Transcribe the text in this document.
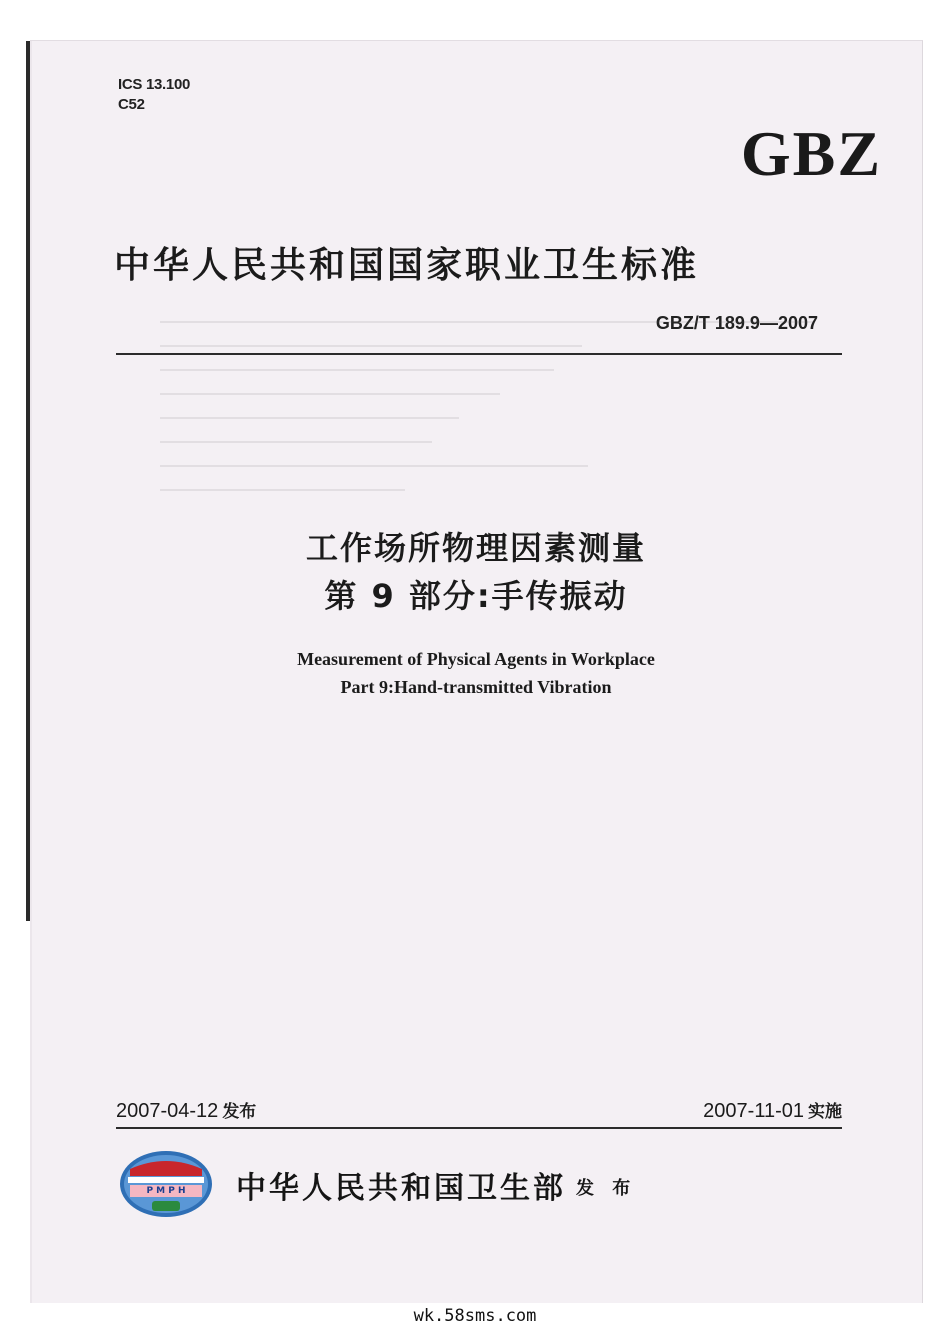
ICS 13.100
C52
GBZ
中华人民共和国国家职业卫生标准
GBZ/T 189.9—2007
工作场所物理因素测量
第 9 部分:手传振动
Measurement of Physical Agents in Workplace
Part 9:Hand-transmitted Vibration
2007-04-12 发布	2007-11-01 实施
P M P H 中华人民共和国卫生部 发 布
wk.58sms.com
